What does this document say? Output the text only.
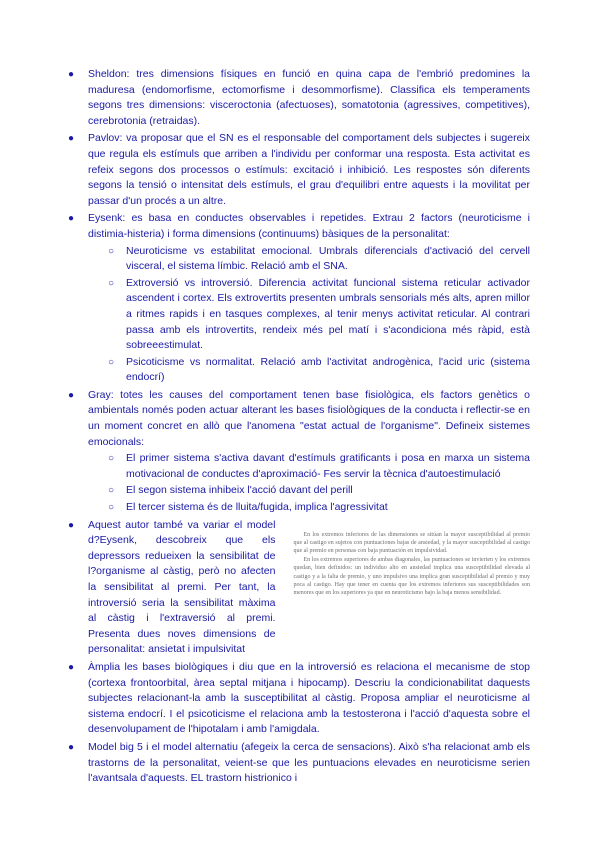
● Sheldon: tres dimensions físiques en funció en quina capa de l'embrió predomines la maduresa (endomorfisme, ectomorfisme i desommorfisme). Classifica els temperaments segons tres dimensions: visceroctonia (afectuoses), somatotonia (agressives, competitives), cerebrotonia (retraidas).

● Pavlov: va proposar que el SN es el responsable del comportament dels subjectes i sugereix que regula els estímuls que arriben a l'individu per conformar una resposta. Esta activitat es refeix segons dos processos o estímuls: excitació i inhibició. Les respostes són diferents segons la tensió o intensitat dels estímuls, el grau d'equilibri entre aquests i la movilitat per passar d'un procés a un altre.

● Eysenk: es basa en conductes observables i repetides. Extrau 2 factors (neuroticisme i distimia-histeria) i forma dimensions (continuums) bàsiques de la personalitat:

○ Neuroticisme vs estabilitat emocional. Umbrals diferencials d'activació del cervell visceral, el sistema límbic. Relació amb el SNA.

○ Extroversió vs introversió. Diferencia activitat funcional sistema reticular activador ascendent i cortex. Els extrovertits presenten umbrals sensorials més alts, apren millor a ritmes rapids i en tasques complexes, al tenir menys activitat reticular. Al contrari passa amb els introvertits, rendeix més pel matí i s'acondiciona més ràpid, està sobreeestimulat.

○ Psicoticisme vs normalitat. Relació amb l'activitat androgènica, l'acid uric (sistema endocrí)

● Gray: totes les causes del comportament tenen base fisiològica, els factors genètics o ambientals només poden actuar alterant les bases fisiològiques de la conducta i reflectir-se en un moment concret en allò que l'anomena "estat actual de l'organisme". Defineix sistemes emocionals:

○ El primer sistema s'activa davant d'estímuls gratificants i posa en marxa un sistema motivacional de conductes d'aproximació- Fes servir la tècnica d'autoestimulació

○ El segon sistema inhibeix l'acció davant del perill

○ El tercer sistema és de lluita/fugida, implica l'agressivitat

● Aquest autor també va variar el model d?Eysenk, descobreix que els depressors redueixen la sensibilitat de l?organisme al càstig, però no afecten la sensibilitat al premi. Per tant, la introversió seria la sensibilitat màxima al càstig i l'extraversió al premi. Presenta dues noves dimensions de personalitat: ansietat i impulsivitat

En los extremos inferiores de las dimensiones se sitúan la mayor susceptibilidad al premio que al castigo en sujetos con puntuaciones bajas de ansiedad, y la mayor susceptibilidad al castigo que al premio en personas con baja puntuación en impulsividad.

En los extremos superiores de ambas diagonales, las puntuaciones se invierten y los extremos quedan, bien definidos: un individuo alto en ansiedad implica una susceptibilidad elevada al castigo y a la falta de premio, y uno impulsivo una implica gran susceptibilidad al premio y muy poca al castigo. Hay que tener en cuenta que los extremos inferiores sus susceptibilidades son menores que en los superiores ya que en neuroticismo bajo la baja menos sensibilidad.

● Àmplia les bases biològiques i diu que en la introversió es relaciona el mecanisme de stop (cortexa frontoorbital, àrea septal mitjana i hipocamp). Descriu la condicionabilitat daquests subjectes relacionant-la amb la susceptibilitat al càstig. Proposa ampliar el neuroticisme al sistema endocrí. I el psicoticisme el relaciona amb la testosterona i l'acció d'aquesta sobre el desenvolupament de l'hipotalam i amb l'amigdala.

● Model big 5 i el model alternatiu (afegeix la cerca de sensacions). Això s'ha relacionat amb els trastorns de la personalitat, veient-se que les puntuacions elevades en neuroticisme serien l'avantsala d'aquests. EL trastorn histrionico i
